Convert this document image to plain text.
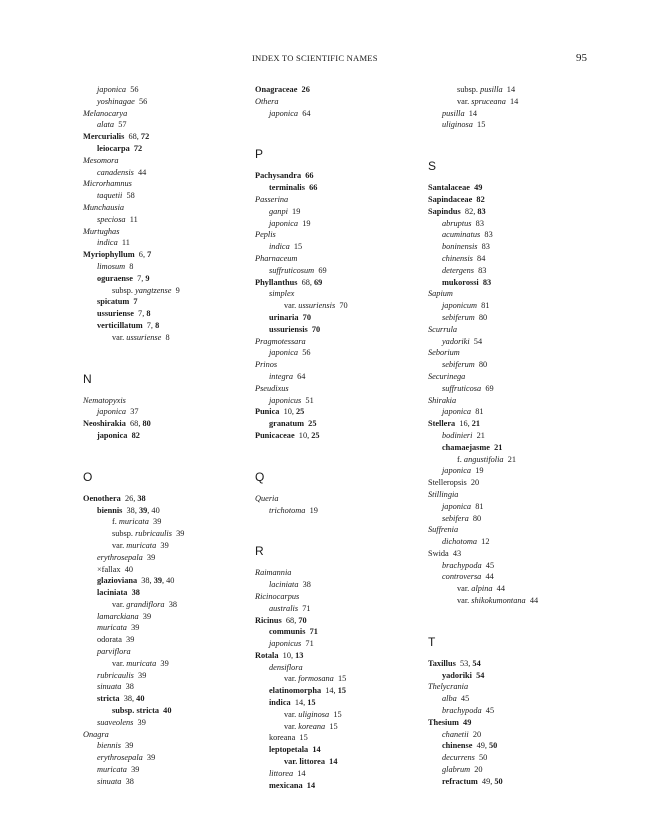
INDEX TO SCIENTIFIC NAMES	95
japonica  56
yoshinagae  56
Melanocarya
alata  57
Mercurialis  68, 72
leiocarpa  72
Mesomora
canadensis  44
Microrhamnus
taquetii  58
Munchausia
speciosa  11
Murtughas
indica  11
Myriophyllum  6, 7
limosum  8
oguraense  7, 9
subsp. yangtzense  9
spicatum  7
ussuriense  7, 8
verticillatum  7, 8
var. ussuriense  8
N
Nematopyxis
japonica  37
Neoshirakia  68, 80
japonica  82
O
Oenothera  26, 38
biennis  38, 39, 40
f. muricata  39
subsp. rubricaulis  39
var. muricata  39
erythrosepala  39
×fallax  40
glazioviana  38, 39, 40
laciniata  38
var. grandiflora  38
lamarckiana  39
muricata  39
odorata  39
parviflora
var. muricata  39
rubricaulis  39
sinuata  38
stricta  38, 40
subsp. stricta  40
suaveolens  39
Onagra
biennis  39
erythrosepala  39
muricata  39
sinuata  38
Onagraceae  26
Othera
japonica  64
P
Pachysandra  66
terminalis  66
Passerina
ganpi  19
japonica  19
Peplis
indica  15
Pharnaceum
suffruticosum  69
Phyllanthus  68, 69
simplex
var. ussuriensis  70
urinaria  70
ussuriensis  70
Pragmotessara
japonica  56
Prinos
integra  64
Pseudixus
japonicus  51
Punica  10, 25
granatum  25
Punicaceae  10, 25
Q
Queria
trichotoma  19
R
Raimannia
laciniata  38
Ricinocarpus
australis  71
Ricinus  68, 70
communis  71
japonicus  71
Rotala  10, 13
densiflora
var. formosana  15
elatinomorpha  14, 15
indica  14, 15
var. uliginosa  15
var. koreana  15
koreana  15
leptopetala  14
var. littorea  14
littorea  14
mexicana  14
subsp. pusilla  14
var. spruceana  14
pusilla  14
uliginosa  15
S
Santalaceae  49
Sapindaceae  82
Sapindus  82, 83
abruptus  83
acuminatus  83
boninensis  83
chinensis  84
detergens  83
mukorossi  83
Sapium
japonicum  81
sebiferum  80
Scurrula
yadoriki  54
Seborium
sebiferum  80
Securinega
suffruticosa  69
Shirakia
japonica  81
Stellera  16, 21
bodinieri  21
chamaejasme  21
f. angustifolia  21
japonica  19
Stelleropsis  20
Stillingia
japonica  81
sebifera  80
Suffrenia
dichotoma  12
Swida  43
brachypoda  45
controversa  44
var. alpina  44
var. shikokumontana  44
T
Taxillus  53, 54
yadoriki  54
Thelycrania
alba  45
brachypoda  45
Thesium  49
chanetii  20
chinense  49, 50
decurrens  50
glabrum  20
refractum  49, 50
